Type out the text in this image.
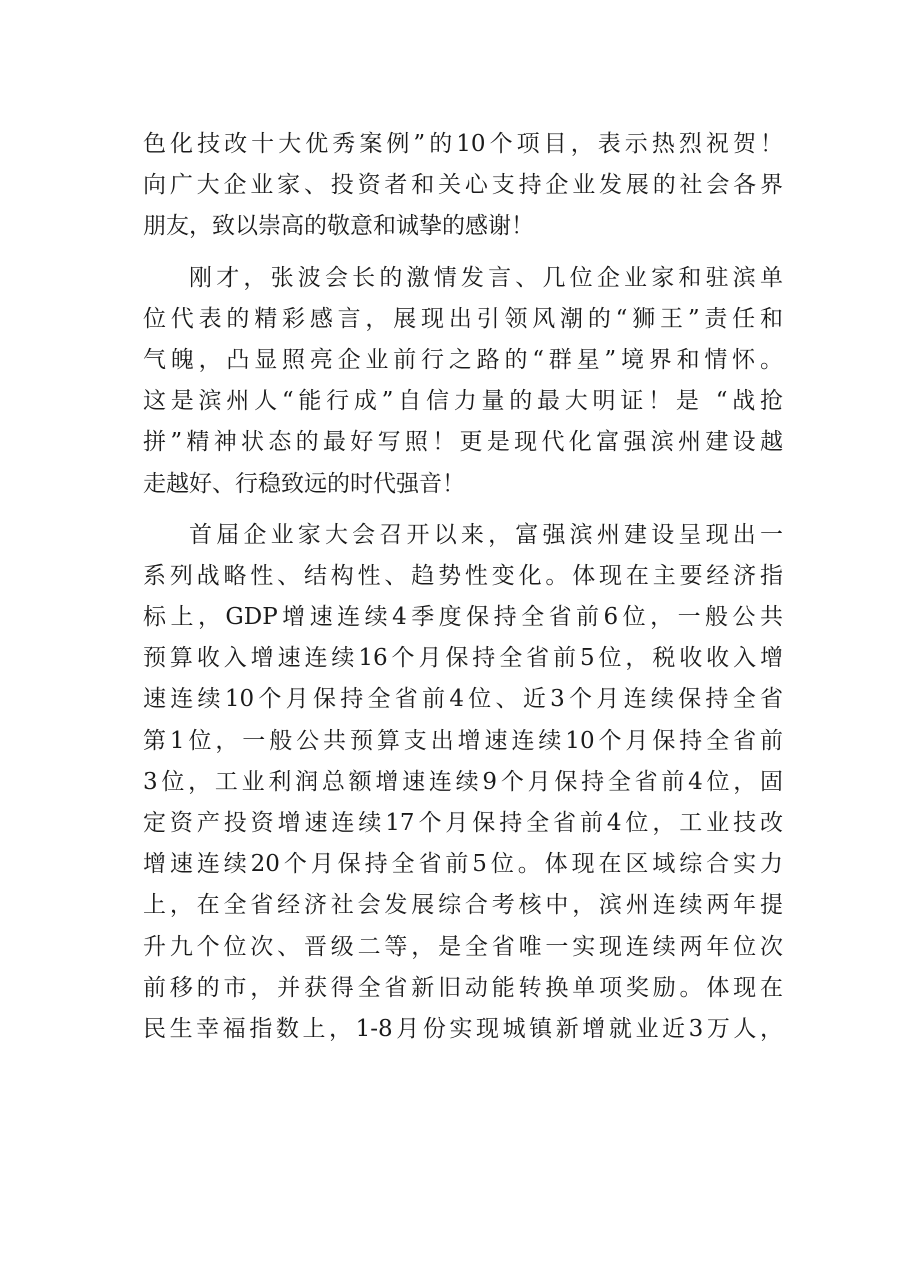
色化技改十大优秀案例”的10个项目，表示热烈祝贺！
向广大企业家、投资者和关心支持企业发展的社会各界
朋友，致以崇高的敬意和诚挚的感谢！
刚才，张波会长的激情发言、几位企业家和驻滨单
位代表的精彩感言，展现出引领风潮的“狮王”责任和
气魄，凸显照亮企业前行之路的“群星”境界和情怀。
这是滨州人“能行成”自信力量的最大明证！是 “战抢
拼”精神状态的最好写照！更是现代化富强滨州建设越
走越好、行稳致远的时代强音！
首届企业家大会召开以来，富强滨州建设呈现出一
系列战略性、结构性、趋势性变化。体现在主要经济指
标上，GDP增速连续4季度保持全省前6位，一般公共
预算收入增速连续16个月保持全省前5位，税收收入增
速连续10个月保持全省前4位、近3个月连续保持全省
第1位，一般公共预算支出增速连续10个月保持全省前
3位，工业利润总额增速连续9个月保持全省前4位，固
定资产投资增速连续17个月保持全省前4位，工业技改
增速连续20个月保持全省前5位。体现在区域综合实力
上，在全省经济社会发展综合考核中，滨州连续两年提
升九个位次、晋级二等，是全省唯一实现连续两年位次
前移的市，并获得全省新旧动能转换单项奖励。体现在
民生幸福指数上，1-8月份实现城镇新增就业近3万人，
